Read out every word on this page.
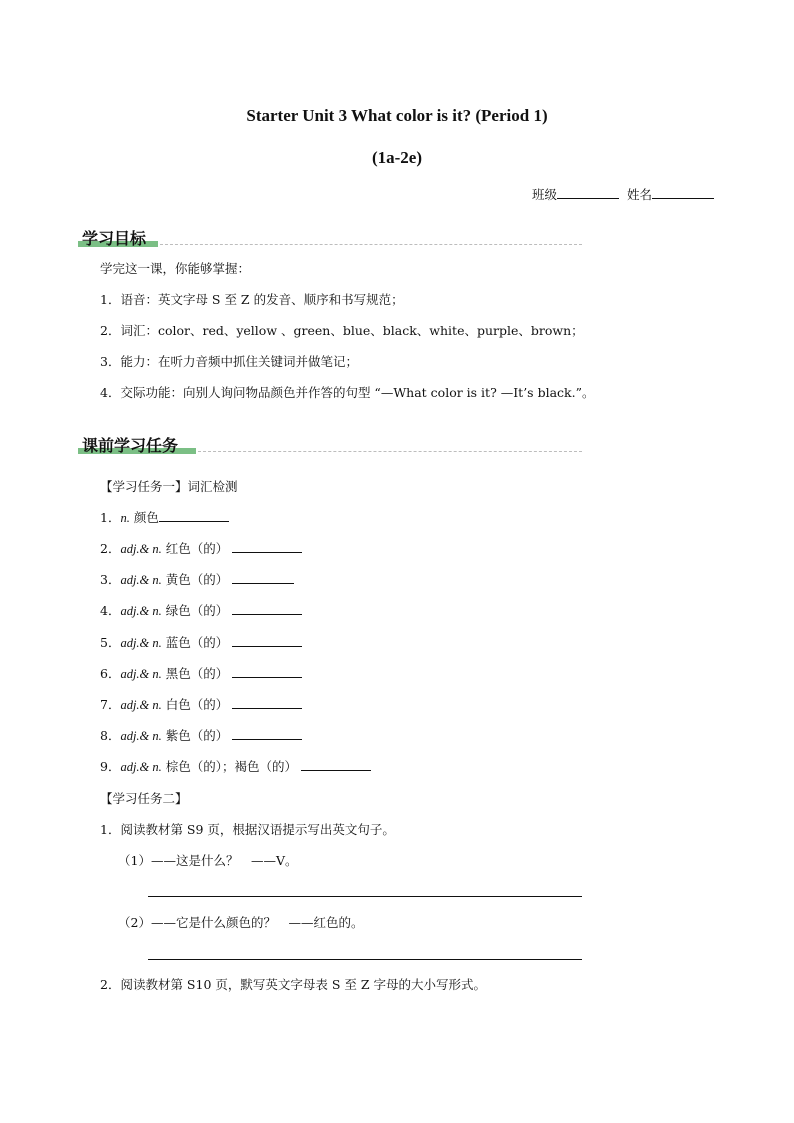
Starter Unit 3 What color is it? (Period 1)
(1a-2e)
班级	姓名
学习目标
学完这一课，你能够掌握：
1．语音：英文字母 S 至 Z 的发音、顺序和书写规范；
2．词汇：color、red、yellow 、green、blue、black、white、purple、brown；
3．能力：在听力音频中抓住关键词并做笔记；
4．交际功能：向别人询问物品颜色并作答的句型 “—What color is it? —It’s black.”。
课前学习任务
【学习任务一】词汇检测
1．n. 颜色
2．adj.& n. 红色（的）
3．adj.& n. 黄色（的）
4．adj.& n. 绿色（的）
5．adj.& n. 蓝色（的）
6．adj.& n. 黑色（的）
7．adj.& n. 白色（的）
8．adj.& n. 紫色（的）
9．adj.& n. 棕色（的）；褐色（的）
【学习任务二】
1．阅读教材第 S9 页，根据汉语提示写出英文句子。
（1）——这是什么？　——V。
（2）——它是什么颜色的？　——红色的。
2．阅读教材第 S10 页，默写英文字母表 S 至 Z 字母的大小写形式。
